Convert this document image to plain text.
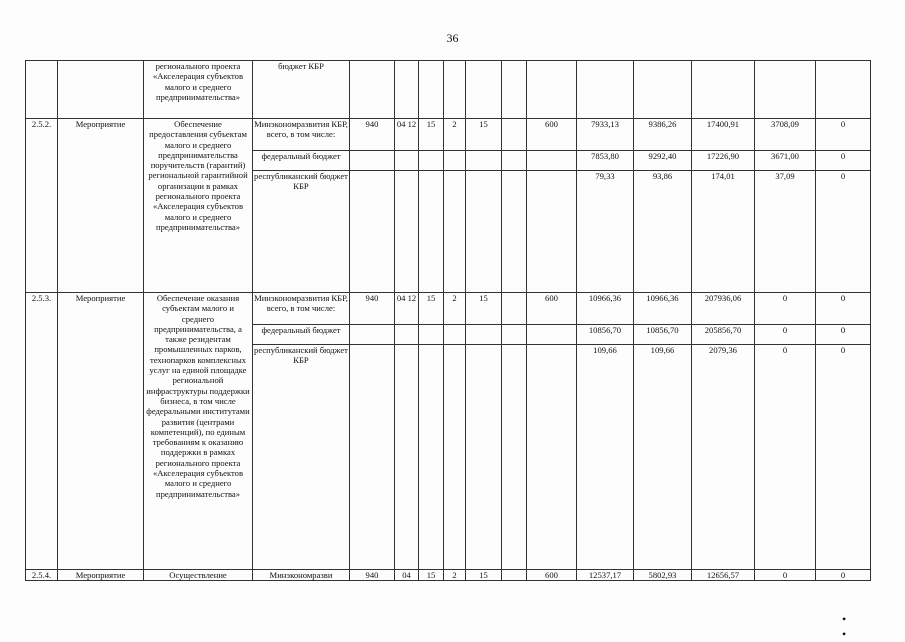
36
		регионального проекта «Акселерация субъектов малого и среднего предпринимательства»	бюджет КБР												
2.5.2.	Мероприятие	Обеспечение предоставления субъектам малого и среднего предпринимательства поручительств (гарантий) региональной гарантийной организации в рамках регионального проекта «Акселерация субъектов малого и среднего предпринимательства»	Минэкономразвития КБР, всего, в том числе:	940	04 12	15	2	15		600	7933,13	9386,26	17400,91	3708,09	0
			федеральный бюджет								7853,80	9292,40	17226,90	3671,00	0
			республиканский бюджет КБР								79,33	93,86	174,01	37,09	0
2.5.3.	Мероприятие	Обеспечение оказания субъектам малого и среднего предпринимательства, а также резидентам промышленных парков, технопарков комплексных услуг на единой площадке региональной инфраструктуры поддержки бизнеса, в том числе федеральными институтами развития (центрами компетенций), по единым требованиям к оказанию поддержки в рамках регионального проекта «Акселерация субъектов малого и среднего предпринимательства»	Минэкономразвития КБР, всего, в том числе:	940	04 12	15	2	15		600	10966,36	10966,36	207936,06	0	0
			федеральный бюджет								10856,70	10856,70	205856,70	0	0
			республиканский бюджет КБР								109,66	109,66	2079,36	0	0
2.5.4.	Мероприятие	Осуществление	Минэкономразви	940	04	15	2	15		600	12537,17	5802,93	12656,57	0	0
• •
